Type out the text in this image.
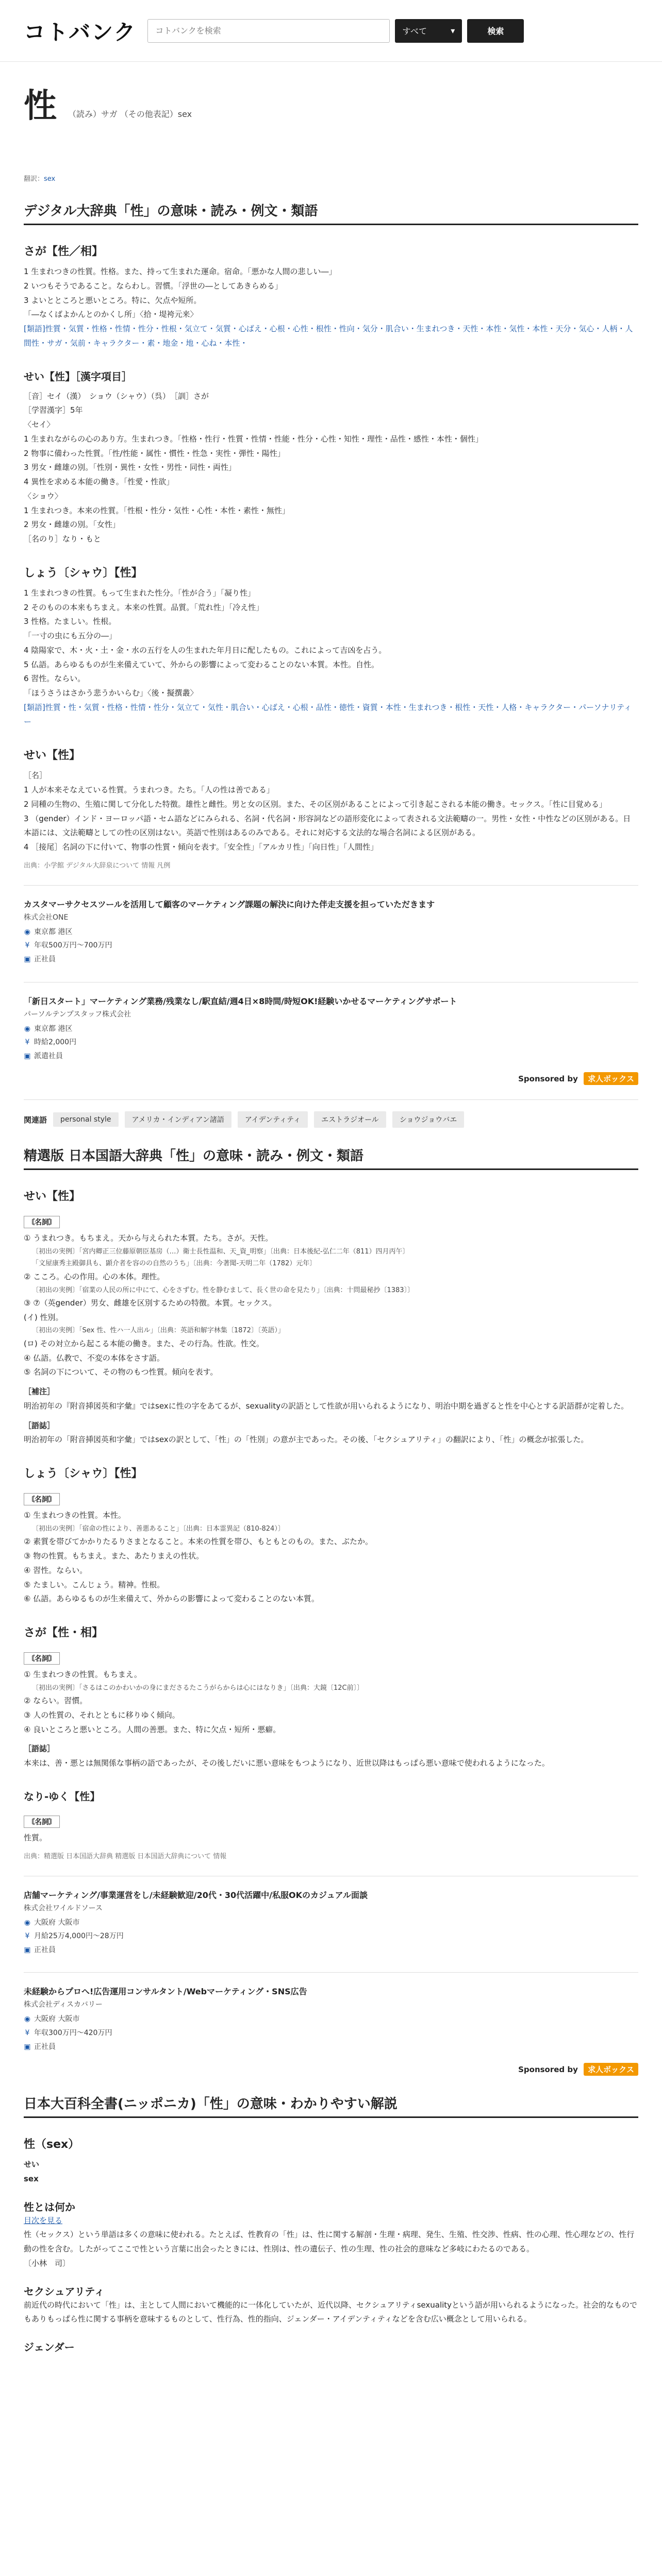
コトバンク
コトバンクを検索	すべて	▾	検索
性 （読み）サガ （その他表記）sex
翻訳：sex
デジタル大辞典「性」の意味・読み・例文・類語
さが【性／相】
1 生まれつきの性質。性格。また、持って生まれた運命。宿命。「悪かな人間の悲しい―」
2 いつもそうであること。ならわし。習慣。「浮世の―としてあきらめる」
3 よいとところと悪いところ。特に、欠点や短所。
「―なくばよかんとのかくし所」〈拾・堤袴元来〉
[類語]性質・気質・性格・性情・性分・性根・気立て・気質・心ばえ・心根・心性・根性・性向・気分・肌合い・生まれつき・天性・本性・気性・本性・天分・気心・人柄・人間性・サガ・気前・キャラクター・素・地金・地・心ね・本性・
せい【性】［漢字項目］
［音］セイ（漢）　ショウ（シャウ）（呉）　［訓］さが
［学習漢字］5年
〈セイ〉
1 生まれながらの心のあり方。生まれつき。「性格・性行・性質・性情・性能・性分・心性・知性・理性・品性・感性・本性・個性」
2 物事に備わった性質。「性/性能・属性・慣性・性急・実性・弾性・陽性」
3 男女・雌雄の別。「性別・異性・女性・男性・同性・両性」
4 異性を求める本能の働き。「性愛・性欲」
〈ショウ〉
1 生まれつき。本来の性質。「性根・性分・気性・心性・本性・素性・無性」
2 男女・雌雄の別。「女性」
［名のり］なり・もと
しょう〔シャウ〕【性】
1 生まれつきの性質。もって生まれた性分。「性が合う」「凝り性」
2 そのものの本来もちまえ。本来の性質。品質。「荒れ性」「冷え性」
3 性格。たましい。性根。
「一寸の虫にも五分の―」
4 陰陽家で、木・火・土・金・水の五行を人の生まれた年月日に配したもの。これによって吉凶を占う。
5 仏語。あらゆるものが生来備えていて、外からの影響によって変わることのない本質。本性。自性。
6 習性。ならい。
「ほうさうはさかう悲うかいらむ」〈後・擬撰叢〉
[類語]性質・性・気質・性格・性情・性分・気立て・気性・肌合い・心ばえ・心根・品性・徳性・資質・本性・生まれつき・根性・天性・人格・キャラクター・パーソナリティー
せい【性】
［名］
1 人が本来そなえている性質。うまれつき。たち。「人の性は善である」
2 同種の生物の、生殖に関して分化した特徴。雄性と雌性。男と女の区別。また、その区別があることによって引き起こされる本能の働き。セックス。「性に目覚める」
3 （gender）インド・ヨーロッパ語・セム語などにみられる、名詞・代名詞・形容詞などの語形変化によって表される文法範疇の一。男性・女性・中性などの区別がある。日本語には、文法範疇としての性の区別はない。英語で性別はあるのみである。それに対応する文法的な場合名詞による区別がある。
4 ［接尾］名詞の下に付いて、物事の性質・傾向を表す。「安全性」「アルカリ性」「向日性」「人間性」
出典：小学館 デジタル大辞泉について 情報 凡例
カスタマーサクセスツールを活用して顧客のマーケティング課題の解決に向けた伴走支援を担っていただきます
株式会社ONE
◉ 東京都 港区
¥ 年収500万円〜700万円
▣ 正社員
「新日スタート」マーケティング業務/残業なし/駅直結/週4日×8時間/時短OK!経験いかせるマーケティングサポート
パーソルテンプスタッフ株式会社
◉ 東京都 港区
¥ 時給2,000円
▣ 派遣社員
Sponsored by 求人ボックス
関連語	personal style	アメリカ・インディアン諸語	アイデンティティ	エストラジオール	ショウジョウバエ
精選版 日本国語大辞典「性」の意味・読み・例文・類語
せい【性】
〘名詞〙
① うまれつき。もちまえ。天から与えられた本質。たち。さが。天性。
〔初出の実例〕「宮内卿正三位藤原朝臣基房（…）衛士長性温和、天_資_明察」〔出典：日本後紀‐弘仁二年（811）四月丙午〕
「文屋康秀主殿御具も、顕介者を容のの自然のうち」〔出典：今著聞‐天明二年（1782）元年〕
② こころ。心の作用。心の本体。理性。
〔初出の実例〕「宿業の人民の所に中にて、心をさずむ。性を静むまして、長く世の命を見たり」〔出典：十問最秘抄〔1383〕〕
③ ⑦（英gender）男女、雌雄を区別するための特徴。本質。セックス。
(イ) 性別。
〔初出の実例〕「Sex 性、性ハ一人出ル」〔出典：英語和解字林集〔1872〕〔英語）」
(ロ) その対立から起こる本能の働き。また、その行為。性欲。性交。
④ 仏語。仏教で、不変の本体をさす語。
⑤ 名詞の下について、その物のもつ性質。傾向を表す。
［補注］
明治初年の『附音挿図英和字彙』ではsexに性の字をあてるが、sexualityの訳語として性欲が用いられるようになり、明治中期を過ぎると性を中心とする訳語群が定着した。
［語誌］
明治初年の「附音挿図英和字彙」ではsexの訳として、「性」の「性別」の意が主であった。その後、「セクシュアリティ」の翻訳により、「性」の概念が拡張した。
しょう〔シャウ〕【性】
〘名詞〙
① 生まれつきの性質。本性。
〔初出の実例〕「宿命の性により、善悪あること」〔出典：日本霊異記（810‐824）〕
② 素質を帯びてかかりたるりさまとなること。本来の性質を帯ひ、もともとのもの。また、ぶたか。
③ 物の性質。もちまえ。また、あたりまえの性状。
④ 習性。ならい。
⑤ たましい。こんじょう。精神。性根。
⑥ 仏語。あらゆるものが生来備えて、外からの影響によって変わることのない本質。
さが【性・相】
〘名詞〙
① 生まれつきの性質。もちまえ。
〔初出の実例〕「さるはこのかわいかの身にまださるたこうがらからは心にはなりき」〔出典：大鏡〔12C前〕〕
② ならい。習慣。
③ 人の性質の、それとともに移りゆく傾向。
④ 良いところと悪いところ。人間の善悪。また、特に欠点・短所・悪癖。
［語誌］
本来は、善・悪とは無関係な事柄の語であったが、その後しだいに悪い意味をもつようになり、近世以降はもっぱら悪い意味で使われるようになった。
なり‐ゆく【性】
〘名詞〙
性質。
出典：精選版 日本国語大辞典 精選版 日本国語大辞典について 情報
店舗マーケティング/事業運営をし/未経験歓迎/20代・30代活躍中/私服OKのカジュアル面談
株式会社ワイルドソース
◉ 大阪府 大阪市
¥ 月給25万4,000円〜28万円
▣ 正社員
未経験からプロへ!広告運用コンサルタント/Webマーケティング・SNS広告
株式会社ディスカバリー
◉ 大阪府 大阪市
¥ 年収300万円〜420万円
▣ 正社員
Sponsored by 求人ボックス
日本大百科全書(ニッポニカ)「性」の意味・わかりやすい解説
性（sex）
せい
sex
性とは何か
目次を見る
性（セックス）という単語は多くの意味に使われる。たとえば、性教育の「性」は、性に関する解剖・生理・病理、発生、生殖、性交渉、性病、性の心理、性心理などの、性行動の性を含む。したがってここで性という言葉に出会ったときには、性別は、性の遺伝子、性の生理、性の社会的意味など多岐にわたるのである。
〔小林　司〕
セクシュアリティ
前近代の時代において「性」は、主として人間において機能的に一体化していたが、近代以降、セクシュアリティsexualityという語が用いられるようになった。社会的なものでもありもっぱら性に関する事柄を意味するものとして、性行為、性的指向、ジェンダー・アイデンティティなどを含む広い概念として用いられる。
ジェンダー
